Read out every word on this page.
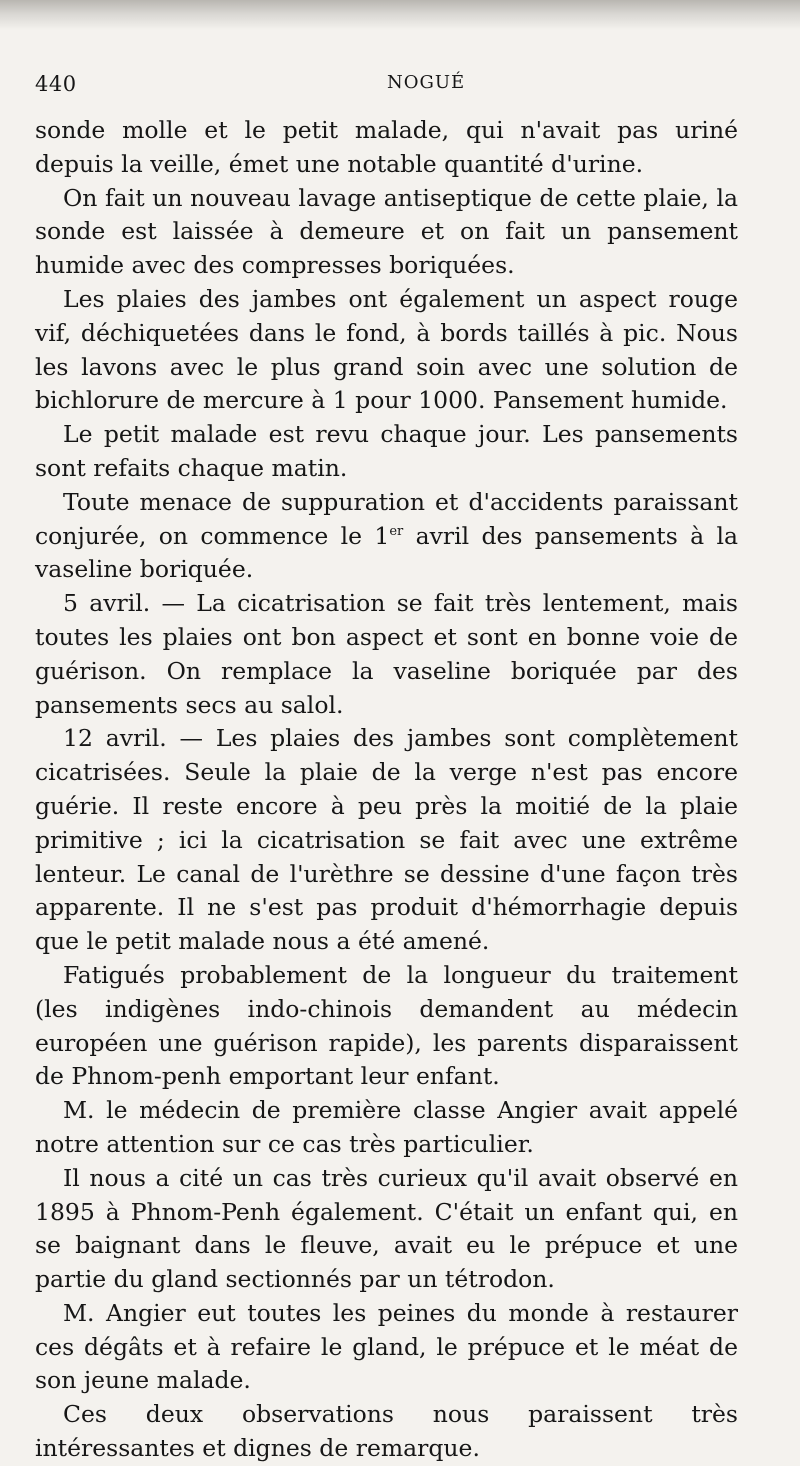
440	NOGUÉ

sonde molle et le petit malade, qui n'avait pas uriné depuis la veille, émet une notable quantité d'urine.

On fait un nouveau lavage antiseptique de cette plaie, la sonde est laissée à demeure et on fait un pansement humide avec des compresses boriquées.

Les plaies des jambes ont également un aspect rouge vif, déchiquetées dans le fond, à bords taillés à pic. Nous les lavons avec le plus grand soin avec une solution de bichlorure de mercure à 1 pour 1000. Pansement humide.

Le petit malade est revu chaque jour. Les pansements sont refaits chaque matin.

Toute menace de suppuration et d'accidents paraissant conjurée, on commence le 1er avril des pansements à la vaseline boriquée.

5 avril. — La cicatrisation se fait très lentement, mais toutes les plaies ont bon aspect et sont en bonne voie de guérison. On remplace la vaseline boriquée par des pansements secs au salol.

12 avril. — Les plaies des jambes sont complètement cicatrisées. Seule la plaie de la verge n'est pas encore guérie. Il reste encore à peu près la moitié de la plaie primitive ; ici la cicatrisation se fait avec une extrême lenteur. Le canal de l'urèthre se dessine d'une façon très apparente. Il ne s'est pas produit d'hémorrhagie depuis que le petit malade nous a été amené.

Fatigués probablement de la longueur du traitement (les indigènes indo-chinois demandent au médecin européen une guérison rapide), les parents disparaissent de Phnom-penh emportant leur enfant.

M. le médecin de première classe Angier avait appelé notre attention sur ce cas très particulier.

Il nous a cité un cas très curieux qu'il avait observé en 1895 à Phnom-Penh également. C'était un enfant qui, en se baignant dans le fleuve, avait eu le prépuce et une partie du gland sectionnés par un tétrodon.

M. Angier eut toutes les peines du monde à restaurer ces dégâts et à refaire le gland, le prépuce et le méat de son jeune malade.

Ces deux observations nous paraissent très intéressantes et dignes de remarque.
